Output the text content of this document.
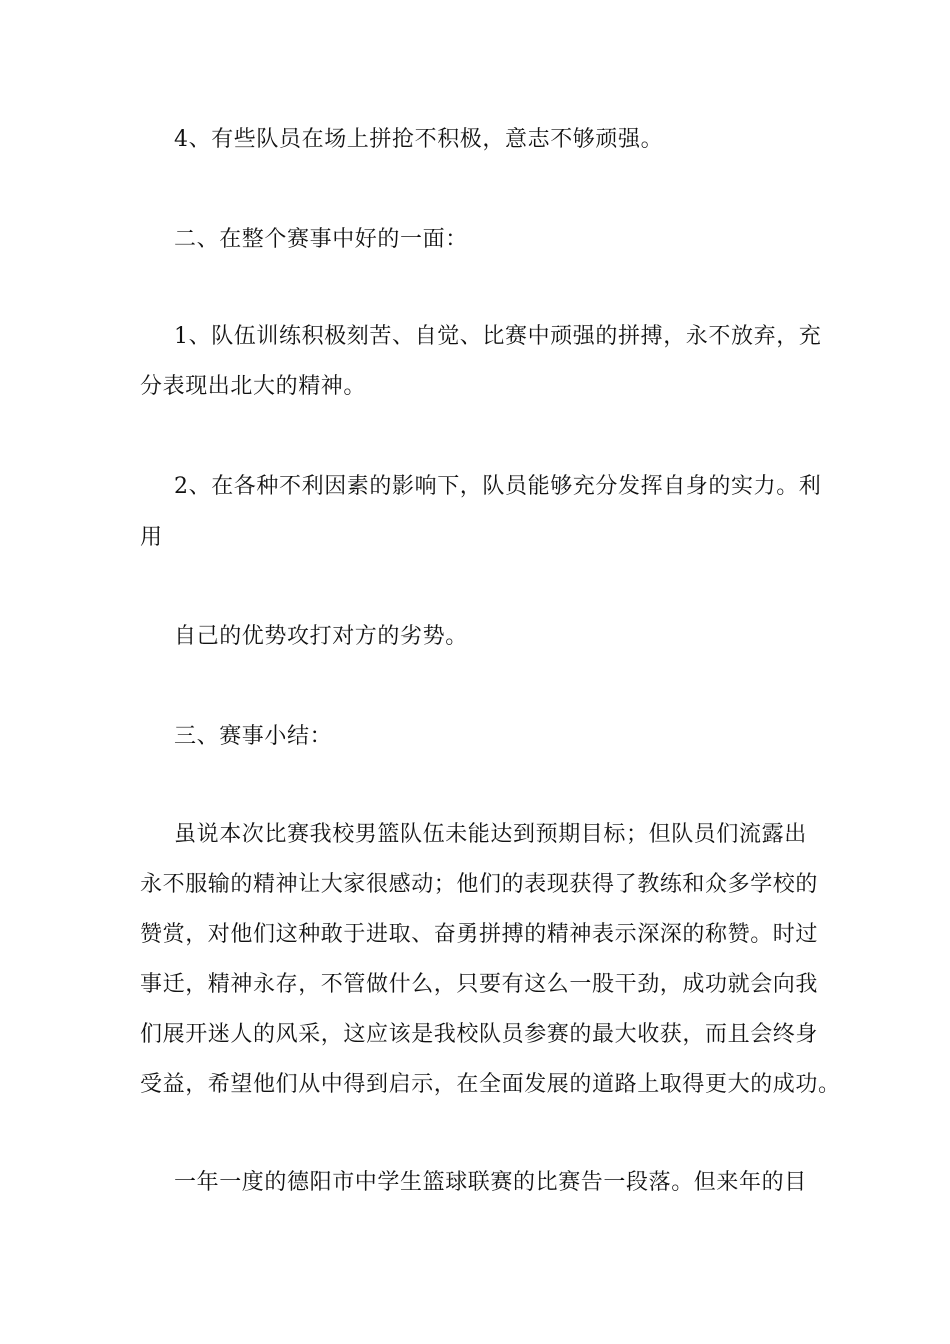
4、有些队员在场上拼抢不积极，意志不够顽强。
二、在整个赛事中好的一面：
1、队伍训练积极刻苦、自觉、比赛中顽强的拼搏，永不放弃，充
分表现出北大的精神。
2、在各种不利因素的影响下，队员能够充分发挥自身的实力。利
用
自己的优势攻打对方的劣势。
三、赛事小结：
虽说本次比赛我校男篮队伍未能达到预期目标；但队员们流露出
永不服输的精神让大家很感动；他们的表现获得了教练和众多学校的
赞赏，对他们这种敢于进取、奋勇拼搏的精神表示深深的称赞。时过
事迁，精神永存，不管做什么，只要有这么一股干劲，成功就会向我
们展开迷人的风采，这应该是我校队员参赛的最大收获，而且会终身
受益，希望他们从中得到启示，在全面发展的道路上取得更大的成功。
一年一度的德阳市中学生篮球联赛的比赛告一段落。但来年的目
